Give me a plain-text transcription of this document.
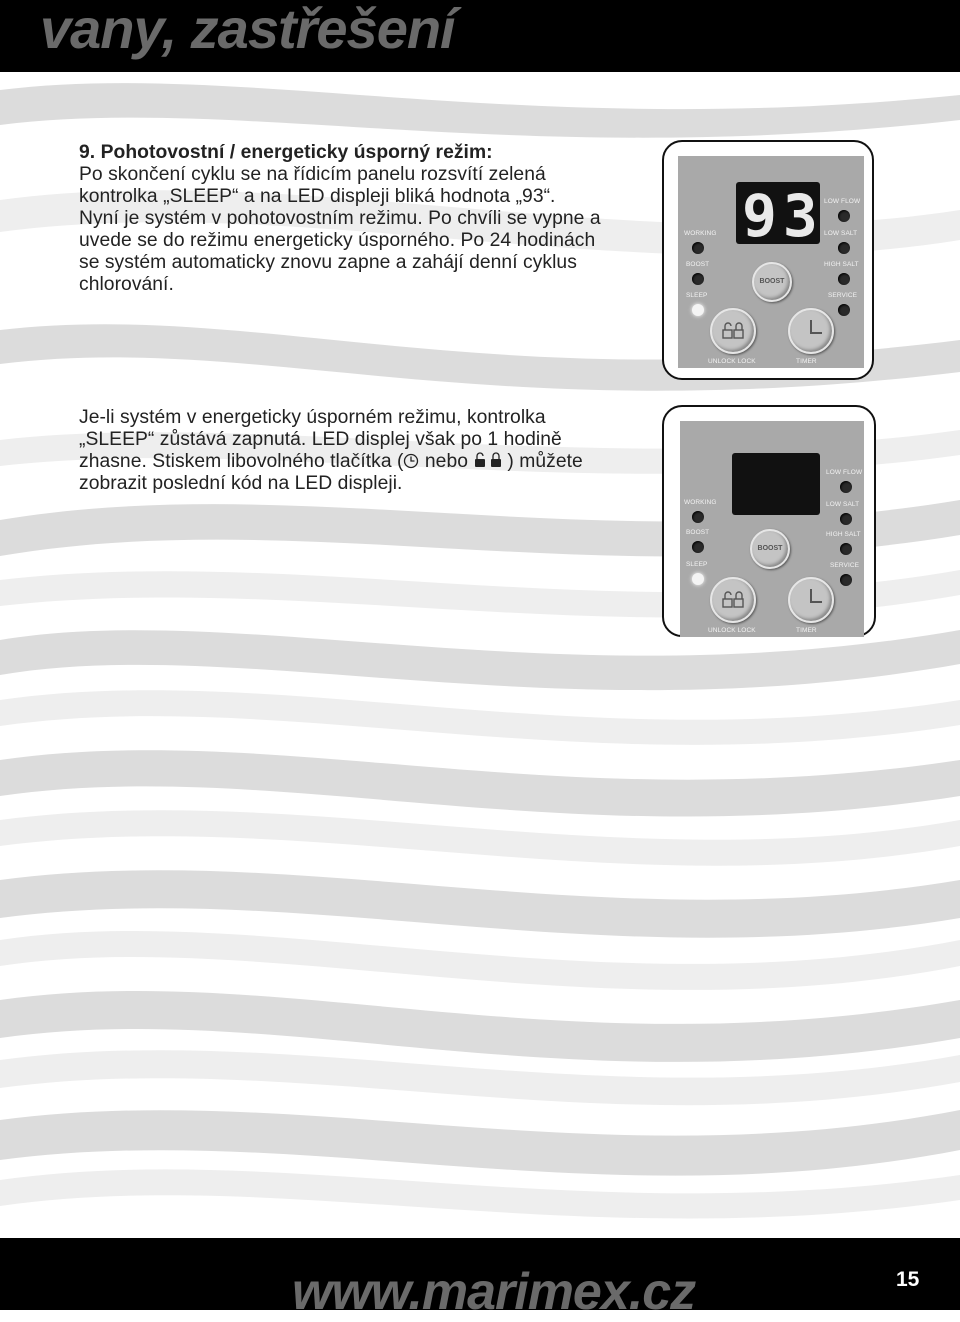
vany, zastřešení
9. Pohotovostní / energeticky úsporný režim:
Po skončení cyklu se na řídicím panelu rozsvítí zelená
kontrolka „SLEEP“ a na LED displeji bliká hodnota „93“.
Nyní je systém v pohotovostním režimu. Po chvíli se vypne a
uvede se do režimu energeticky úsporného. Po 24 hodinách
se systém automaticky znovu zapne a zahájí denní cyklus
chlorování.
Je-li systém v energeticky úsporném režimu, kontrolka
„SLEEP“ zůstává zapnutá. LED displej však po 1 hodině
zhasne. Stiskem libovolného tlačítka ( nebo ) můžete
zobrazit poslední kód na LED displeji.
93 LOW FLOW
LOW SALT
HIGH SALT
SERVICE
WORKING
BOOST
SLEEP
BOOST
UNLOCK LOCK	TIMER
LOW FLOW
LOW SALT
HIGH SALT
SERVICE
WORKING
BOOST
SLEEP
BOOST
UNLOCK LOCK	TIMER
www.marimex.cz	15
